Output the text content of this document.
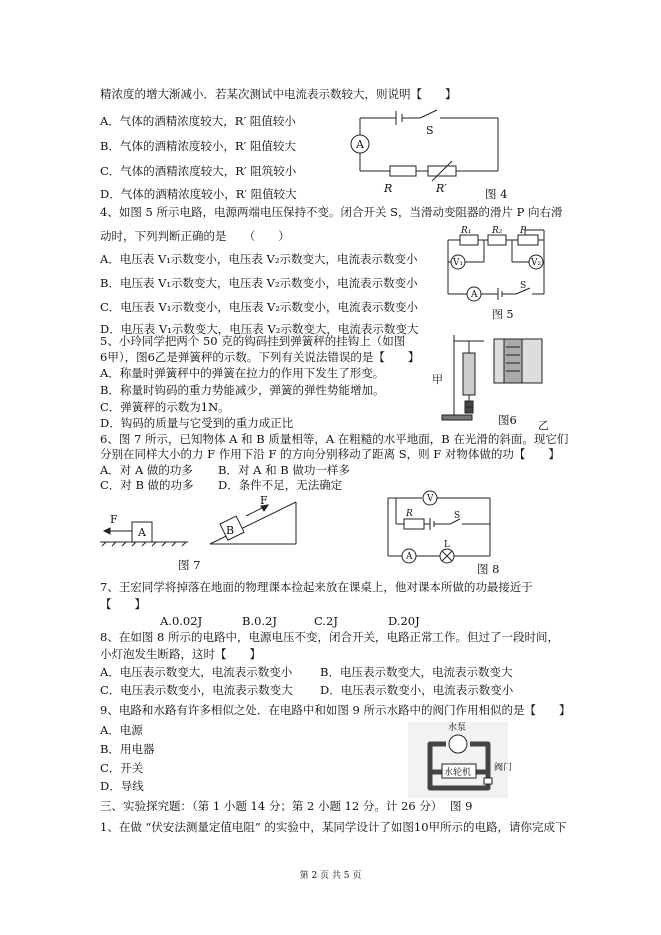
精浓度的增大渐减小．若某次测试中电流表示数较大，则说明【　　】
A．气体的酒精浓度较大，R′ 阻值较小
B．气体的酒精浓度较小，R′ 阻值较大
C．气体的酒精浓度较大，R′ 阻筑较小
D．气体的酒精浓度较小，R′ 阻值较大
A
S
R	R′	图 4
4、如图 5 所示电路，电源两端电压保持不变。闭合开关 S，当滑动变阻器的滑片 P 向右滑
动时，下列判断正确的是　　（　　）
A．电压表 V₁示数变小，电压表 V₂示数变大，电流表示数变小
B．电压表 V₁示数变大，电压表 V₂示数变小，电流表示数变小
C．电压表 V₁示数变小，电压表 V₂示数变小，电流表示数变小
D．电压表 V₁示数变大，电压表 V₂示数变大，电流表示数变大
R₁ R₂ P
V₁	V₂
A
S
图 5
5、小玲同学把两个 50 克的钩码挂到弹簧秤的挂钩上（如图
6甲），图6乙是弹簧秤的示数。下列有关说法错误的是【　　】
A．称量时弹簧秤中的弹簧在拉力的作用下发生了形变。
B．称量时钩码的重力势能减少，弹簧的弹性势能增加。
C．弹簧秤的示数为1N。
D．钩码的质量与它受到的重力成正比
甲
乙
图6
6、图 7 所示，已知物体 A 和 B 质量相等，A 在粗糙的水平地面，B 在光滑的斜面。现它们
分别在同样大小的力 F 作用下沿 F 的方向分别移动了距离 S，则 F 对物体做的功【　　】
A．对 A 做的功多 B．对 A 和 B 做功一样多
C．对 B 做的功多 D．条件不足，无法确定
F
A	B
F
图 7
V
R	S
A
L
图 8
7、王宏同学将掉落在地面的物理课本捡起来放在课桌上，他对课本所做的功最接近于
【　　】
A.0.02J	B.0.2J	C.2J	D.20J
8、在如图 8 所示的电路中，电源电压不变，闭合开关，电路正常工作。但过了一段时间，
小灯泡发生断路，这时【　　】
A．电压表示数变大，电流表示数变小 B．电压表示数变大，电流表示数变大
C．电压表示数变小，电流表示数变大 D．电压表示数变小，电流表示数变小
9、电路和水路有许多相似之处．在电路中和如图 9 所示水路中的阀门作用相似的是【　　】
A．电源
B．用电器
C．开关
D．导线
水泵
水轮机	阀门
图 9
三、实验探究题：（第 1 小题 14 分；第 2 小题 12 分。计 26 分）
1、在做 “伏安法测量定值电阻” 的实验中，某同学设计了如图10甲所示的电路，请你完成下
第 2 页 共 5 页
